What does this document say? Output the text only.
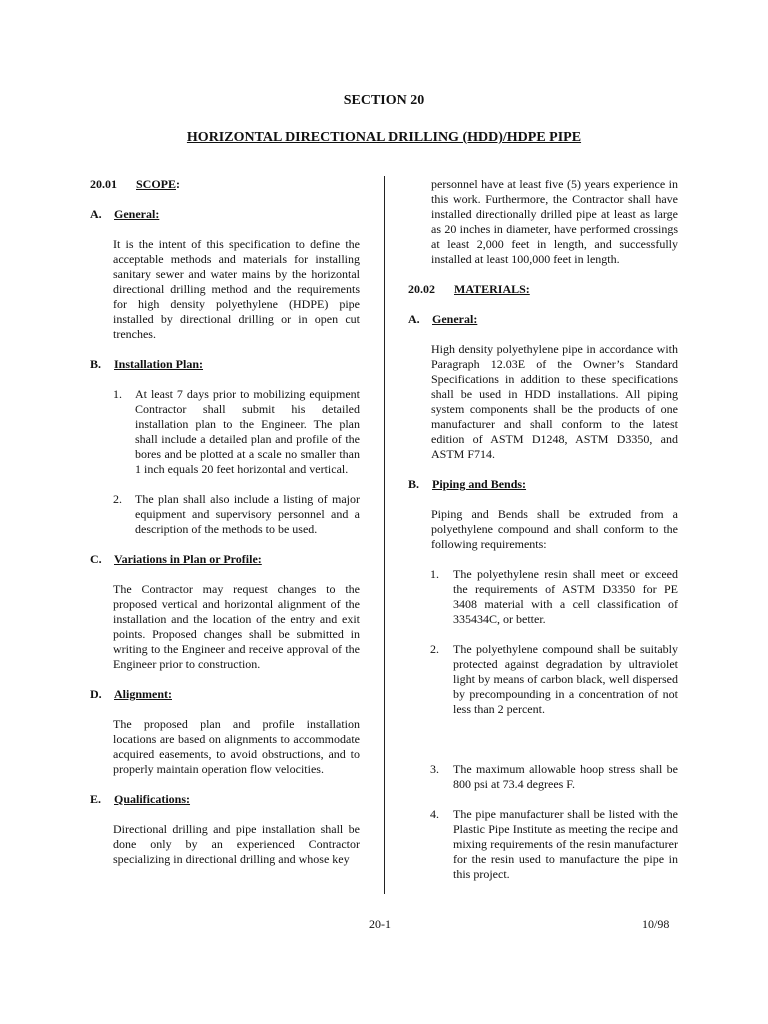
SECTION 20
HORIZONTAL DIRECTIONAL DRILLING (HDD)/HDPE PIPE
20.01 SCOPE:
A. General:

It is the intent of this specification to define the acceptable methods and materials for installing sanitary sewer and water mains by the horizontal directional drilling method and the requirements for high density polyethylene (HDPE) pipe installed by directional drilling or in open cut trenches.

B. Installation Plan:
1. At least 7 days prior to mobilizing equipment Contractor shall submit his detailed installation plan to the Engineer. The plan shall include a detailed plan and profile of the bores and be plotted at a scale no smaller than 1 inch equals 20 feet horizontal and vertical.
2. The plan shall also include a listing of major equipment and supervisory personnel and a description of the methods to be used.
C. Variations in Plan or Profile:

The Contractor may request changes to the proposed vertical and horizontal alignment of the installation and the location of the entry and exit points. Proposed changes shall be submitted in writing to the Engineer and receive approval of the Engineer prior to construction.

D. Alignment:

The proposed plan and profile installation locations are based on alignments to accommodate acquired easements, to avoid obstructions, and to properly maintain operation flow velocities.

E. Qualifications:

Directional drilling and pipe installation shall be done only by an experienced Contractor specializing in directional drilling and whose key

personnel have at least five (5) years experience in this work. Furthermore, the Contractor shall have installed directionally drilled pipe at least as large as 20 inches in diameter, have performed crossings at least 2,000 feet in length, and successfully installed at least 100,000 feet in length.

20.02 MATERIALS:
A. General:

High density polyethylene pipe in accordance with Paragraph 12.03E of the Owner’s Standard Specifications in addition to these specifications shall be used in HDD installations. All piping system components shall be the products of one manufacturer and shall conform to the latest edition of ASTM D1248, ASTM D3350, and ASTM F714.

B. Piping and Bends:

Piping and Bends shall be extruded from a polyethylene compound and shall conform to the following requirements:

1. The polyethylene resin shall meet or exceed the requirements of ASTM D3350 for PE 3408 material with a cell classification of 335434C, or better.
2. The polyethylene compound shall be suitably protected against degradation by ultraviolet light by means of carbon black, well dispersed by precompounding in a concentration of not less than 2 percent.
3. The maximum allowable hoop stress shall be 800 psi at 73.4 degrees F.
4. The pipe manufacturer shall be listed with the Plastic Pipe Institute as meeting the recipe and mixing requirements of the resin manufacturer for the resin used to manufacture the pipe in this project.
20-1	10/98
